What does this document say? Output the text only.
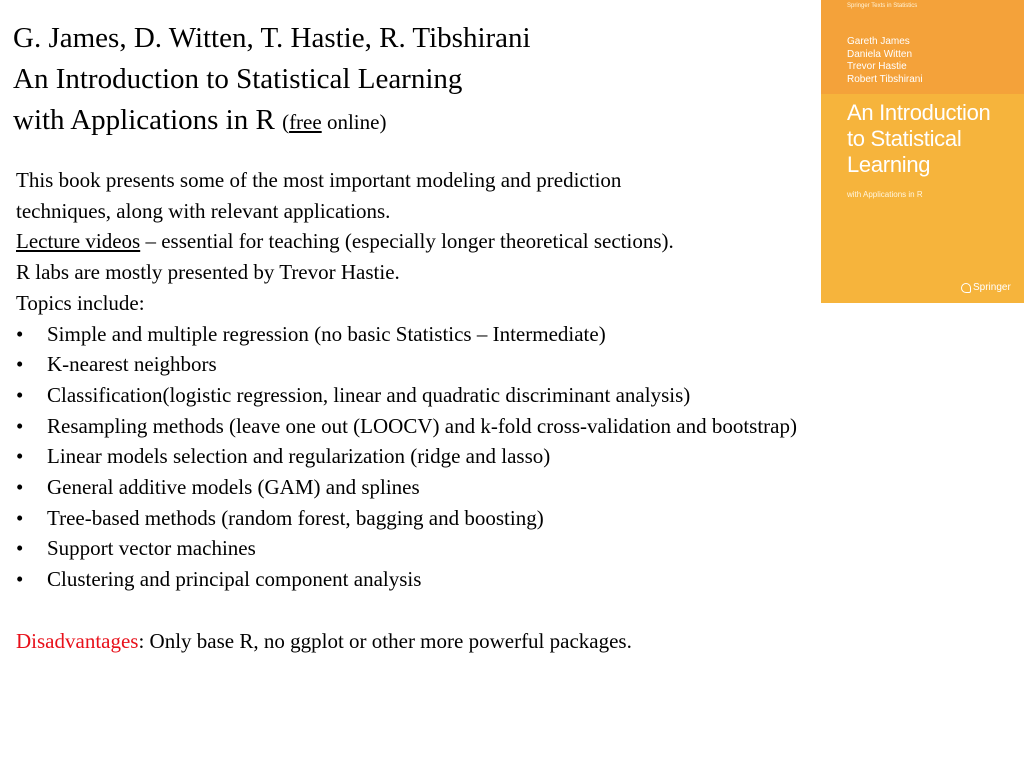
G. James, D. Witten, T. Hastie, R. Tibshirani
An Introduction to Statistical Learning
with Applications in R (free online)
Springer Texts in Statistics
Gareth James
Daniela Witten
Trevor Hastie
Robert Tibshirani
An Introduction
to Statistical
Learning
with Applications in R
Springer
This book presents some of the most important modeling and prediction
techniques, along with relevant applications.
Lecture videos – essential for teaching (especially longer theoretical sections).
R labs are mostly presented by Trevor Hastie.
Topics include:
• Simple and multiple regression (no basic Statistics – Intermediate)
• K-nearest neighbors
• Classification(logistic regression, linear and quadratic discriminant analysis)
• Resampling methods (leave one out (LOOCV) and k-fold cross-validation and bootstrap)
• Linear models selection and regularization (ridge and lasso)
• General additive models (GAM) and splines
• Tree-based methods (random forest, bagging and boosting)
• Support vector machines
• Clustering and principal component analysis
Disadvantages: Only base R, no ggplot or other more powerful packages.
